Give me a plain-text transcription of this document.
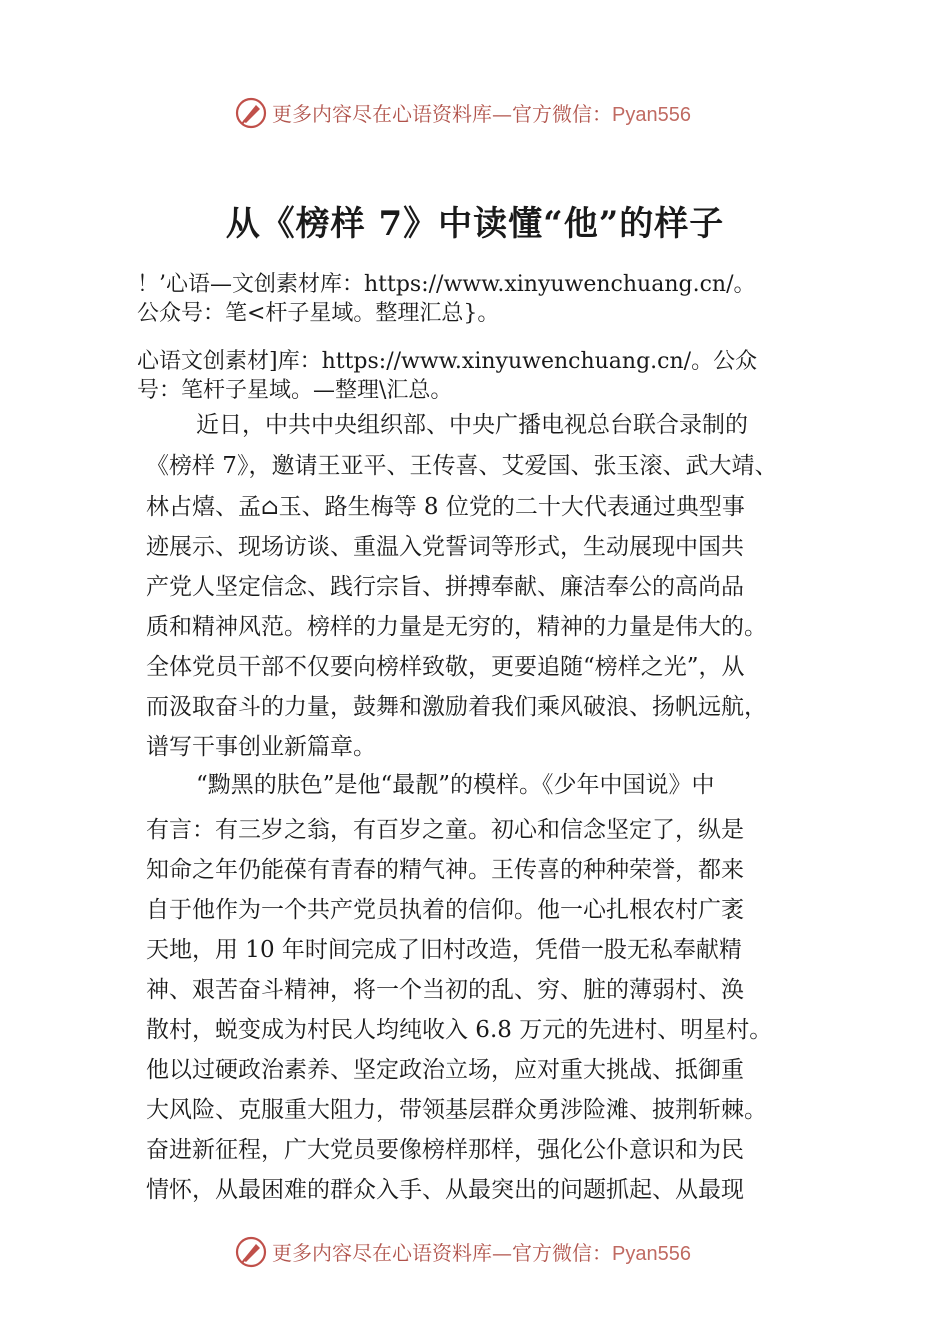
更多内容尽在心语资料库—官方微信：Pyan556
从《榜样 7》中读懂“他”的样子
！’心语—文创素材库：https://www.xinyuwenchuang.cn/。
公众号：笔<杆子星域。整理汇总}。
心语文创素材]库：https://www.xinyuwenchuang.cn/。公众
号：笔杆子星域。—整理\汇总。
近日，中共中央组织部、中央广播电视总台联合录制的
《榜样 7》，邀请王亚平、王传喜、艾爱国、张玉滚、武大靖、
林占熺、孟⌂玉、路生梅等 8 位党的二十大代表通过典型事
迹展示、现场访谈、重温入党誓词等形式，生动展现中国共
产党人坚定信念、践行宗旨、拼搏奉献、廉洁奉公的高尚品
质和精神风范。榜样的力量是无穷的，精神的力量是伟大的。
全体党员干部不仅要向榜样致敬，更要追随“榜样之光”，从
而汲取奋斗的力量，鼓舞和激励着我们乘风破浪、扬帆远航，
谱写干事创业新篇章。
“黝黑的肤色”是他“最靓”的模样。《少年中国说》中
有言：有三岁之翁，有百岁之童。初心和信念坚定了，纵是
知命之年仍能葆有青春的精气神。王传喜的种种荣誉，都来
自于他作为一个共产党员执着的信仰。他一心扎根农村广袤
天地，用 10 年时间完成了旧村改造，凭借一股无私奉献精
神、艰苦奋斗精神，将一个当初的乱、穷、脏的薄弱村、涣
散村，蜕变成为村民人均纯收入 6.8 万元的先进村、明星村。
他以过硬政治素养、坚定政治立场，应对重大挑战、抵御重
大风险、克服重大阻力，带领基层群众勇涉险滩、披荆斩棘。
奋进新征程，广大党员要像榜样那样，强化公仆意识和为民
情怀，从最困难的群众入手、从最突出的问题抓起、从最现
更多内容尽在心语资料库—官方微信：Pyan556
